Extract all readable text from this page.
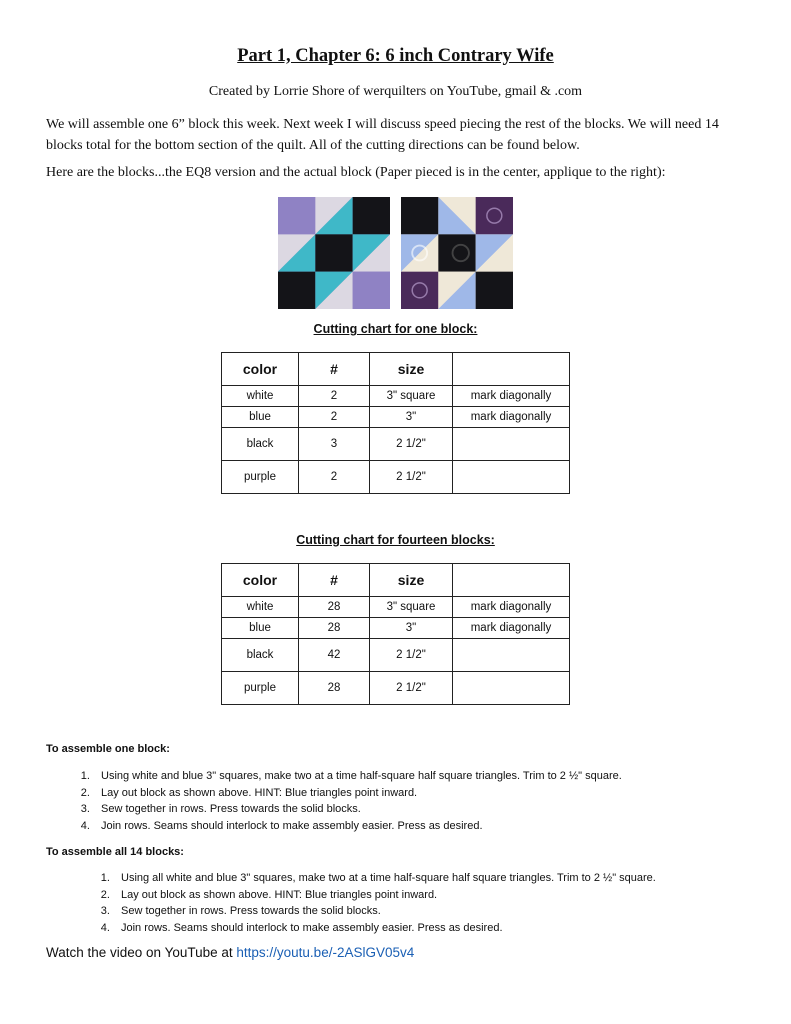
Part 1, Chapter 6: 6 inch Contrary Wife
Created by Lorrie Shore of werquilters on YouTube, gmail & .com

We will assemble one 6” block this week. Next week I will discuss speed piecing the rest of the blocks. We will need 14 blocks total for the bottom section of the quilt. All of the cutting directions can be found below.

Here are the blocks...the EQ8 version and the actual block (Paper pieced is in the center, applique to the right):

Cutting chart for one block:
color	#	size	
white	2	3" square	mark diagonally
blue	2	3"	mark diagonally
black	3	2 1/2"	
purple	2	2 1/2"	
Cutting chart for fourteen blocks:
color	#	size	
white	28	3" square	mark diagonally
blue	28	3"	mark diagonally
black	42	2 1/2"	
purple	28	2 1/2"	
To assemble one block:
1. Using white and blue 3" squares, make two at a time half-square half square triangles. Trim to 2 ½" square.
2. Lay out block as shown above. HINT: Blue triangles point inward.
3. Sew together in rows. Press towards the solid blocks.
4. Join rows. Seams should interlock to make assembly easier. Press as desired.
To assemble all 14 blocks:
1. Using all white and blue 3" squares, make two at a time half-square half square triangles. Trim to 2 ½" square.
2. Lay out block as shown above. HINT: Blue triangles point inward.
3. Sew together in rows. Press towards the solid blocks.
4. Join rows. Seams should interlock to make assembly easier. Press as desired.
Watch the video on YouTube at https://youtu.be/-2ASlGV05v4
